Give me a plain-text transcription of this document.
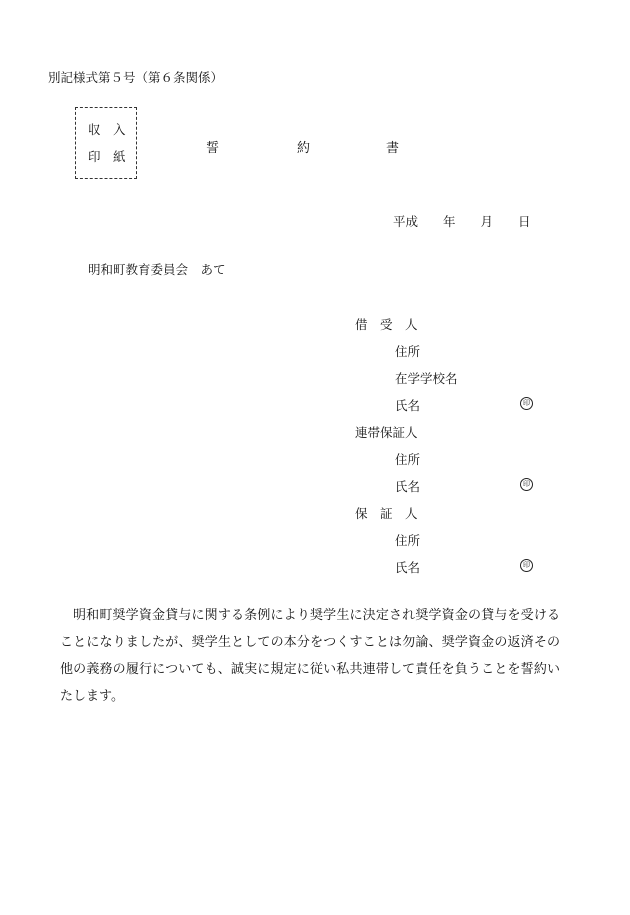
別記様式第５号（第６条関係）
収　入
印　紙
誓	約	書
平成　　年　　月　　日
明和町教育委員会　あて
借　受　人
住所
在学学校名
氏名	印
連帯保証人
住所
氏名	印
保　証　人
住所
氏名	印
明和町奨学資金貸与に関する条例により奨学生に決定され奨学資金の貸与を受けることになりましたが、奨学生としての本分をつくすことは勿論、奨学資金の返済その他の義務の履行についても、誠実に規定に従い私共連帯して責任を負うことを誓約いたします。
